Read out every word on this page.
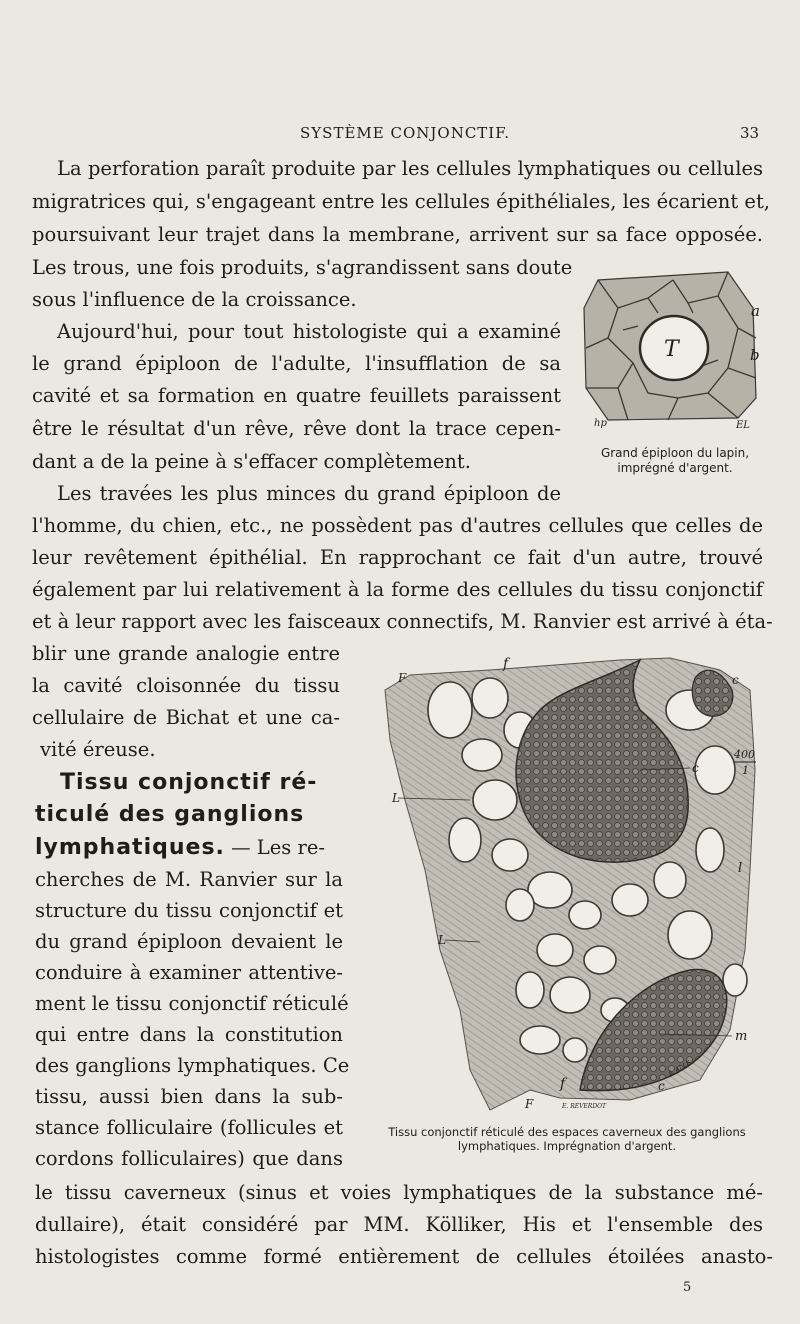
SYSTÈME CONJONCTIF.	33
La perforation paraît produite par les cellules lymphatiques ou cellules
migratrices qui, s'engageant entre les cellules épithéliales, les écarient et,
poursuivant leur trajet dans la membrane, arrivent sur sa face opposée.
Les trous, une fois produits, s'agrandissent sans doute
sous l'influence de la croissance.
Aujourd'hui, pour tout histologiste qui a examiné
le grand épiploon de l'adulte, l'insufflation de sa
cavité et sa formation en quatre feuillets paraissent
être le résultat d'un rêve, rêve dont la trace cepen-
dant a de la peine à s'effacer complètement.
T
a
b
hp	EL
Grand épiploon du lapin,
imprégné d'argent.
Les travées les plus minces du grand épiploon de
l'homme, du chien, etc., ne possèdent pas d'autres cellules que celles de
leur revêtement épithélial. En rapprochant ce fait d'un autre, trouvé
également par lui relativement à la forme des cellules du tissu conjonctif
et à leur rapport avec les faisceaux connectifs, M. Ranvier est arrivé à éta-
blir une grande analogie entre
la cavité cloisonnée du tissu
cellulaire de Bichat et une ca-
vité éreuse.
Tissu conjonctif ré-
ticulé des ganglions
lymphatiques. — Les re-
cherches de M. Ranvier sur la
structure du tissu conjonctif et
du grand épiploon devaient le
conduire à examiner attentive-
ment le tissu conjonctif réticulé
qui entre dans la constitution
des ganglions lymphatiques. Ce
tissu, aussi bien dans la sub-
stance folliculaire (follicules et
cordons folliculaires) que dans
F
f
c
c
L
l
L
m
f	c
F
400
1
E. REVERDOT
S. ALLE
Tissu conjonctif réticulé des espaces caverneux des ganglions
lymphatiques. Imprégnation d'argent.
le tissu caverneux (sinus et voies lymphatiques de la substance mé-
dullaire), était considéré par MM. Kölliker, His et l'ensemble des
histologistes comme formé entièrement de cellules étoilées anasto-
5
